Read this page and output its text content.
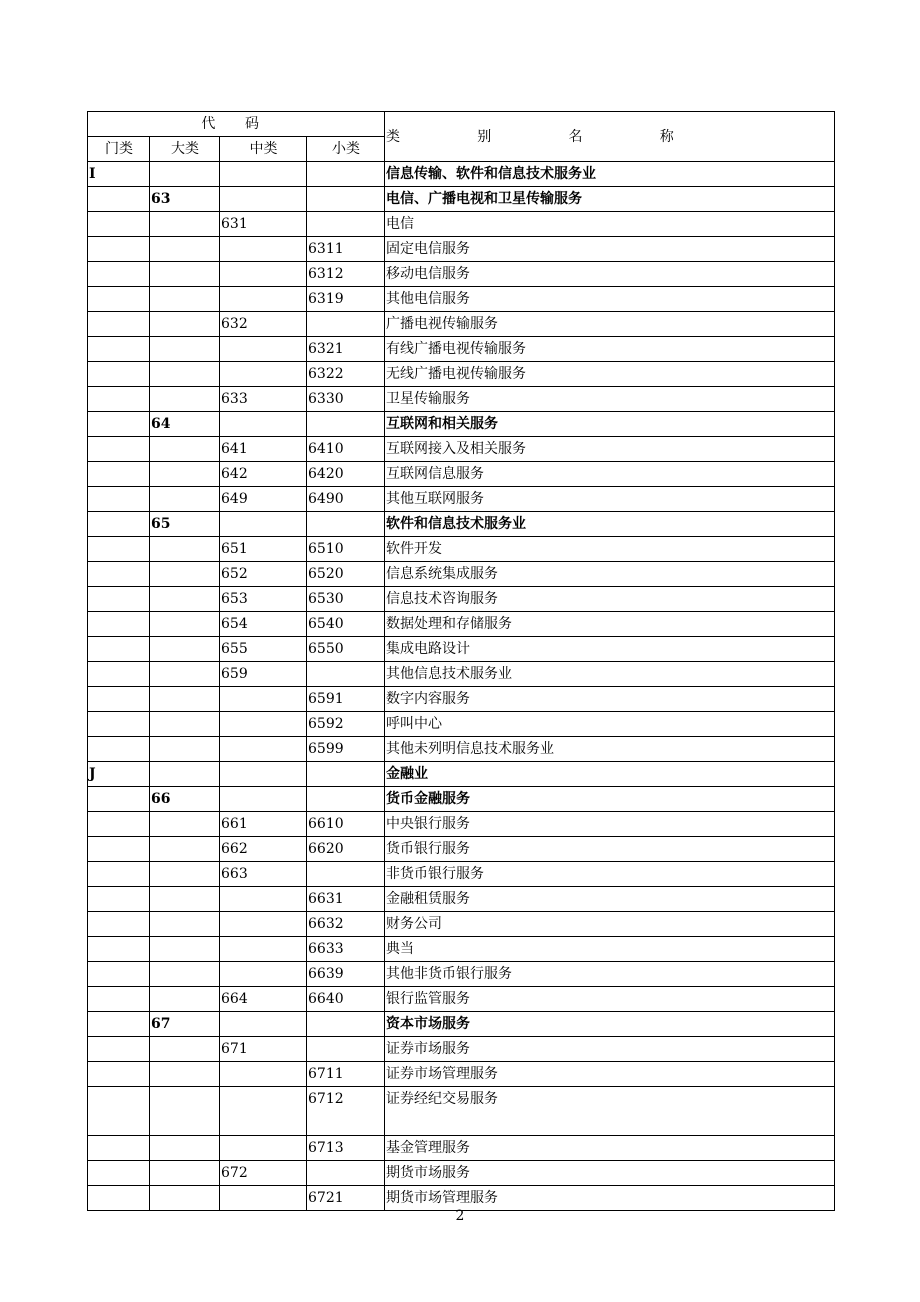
代 码				类 别 名 称
门类	大类	中类	小类	
I				信息传输、软件和信息技术服务业
	63			电信、广播电视和卫星传输服务
		631		电信
			6311	固定电信服务
			6312	移动电信服务
			6319	其他电信服务
		632		广播电视传输服务
			6321	有线广播电视传输服务
			6322	无线广播电视传输服务
		633	6330	卫星传输服务
	64			互联网和相关服务
		641	6410	互联网接入及相关服务
		642	6420	互联网信息服务
		649	6490	其他互联网服务
	65			软件和信息技术服务业
		651	6510	软件开发
		652	6520	信息系统集成服务
		653	6530	信息技术咨询服务
		654	6540	数据处理和存储服务
		655	6550	集成电路设计
		659		其他信息技术服务业
			6591	数字内容服务
			6592	呼叫中心
			6599	其他未列明信息技术服务业
J				金融业
	66			货币金融服务
		661	6610	中央银行服务
		662	6620	货币银行服务
		663		非货币银行服务
			6631	金融租赁服务
			6632	财务公司
			6633	典当
			6639	其他非货币银行服务
		664	6640	银行监管服务
	67			资本市场服务
		671		证券市场服务
			6711	证券市场管理服务
			6712	证券经纪交易服务
			6713	基金管理服务
		672		期货市场服务
			6721	期货市场管理服务
2
